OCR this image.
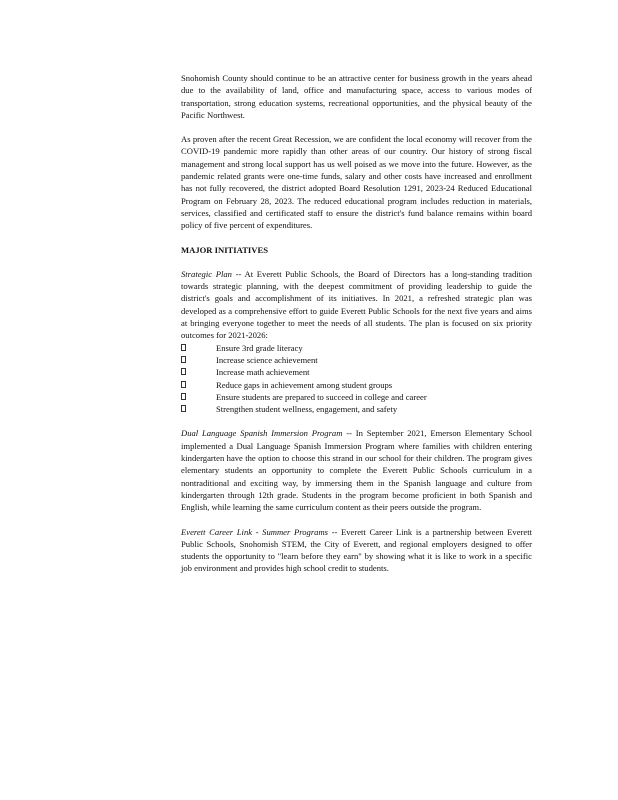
Snohomish County should continue to be an attractive center for business growth in the years ahead due to the availability of land, office and manufacturing space, access to various modes of transportation, strong education systems, recreational opportunities, and the physical beauty of the Pacific Northwest.

As proven after the recent Great Recession, we are confident the local economy will recover from the COVID-19 pandemic more rapidly than other areas of our country. Our history of strong fiscal management and strong local support has us well poised as we move into the future. However, as the pandemic related grants were one-time funds, salary and other costs have increased and enrollment has not fully recovered, the district adopted Board Resolution 1291, 2023-24 Reduced Educational Program on February 28, 2023. The reduced educational program includes reduction in materials, services, classified and certificated staff to ensure the district's fund balance remains within board policy of five percent of expenditures.

MAJOR INITIATIVES

Strategic Plan -- At Everett Public Schools, the Board of Directors has a long-standing tradition towards strategic planning, with the deepest commitment of providing leadership to guide the district's goals and accomplishment of its initiatives. In 2021, a refreshed strategic plan was developed as a comprehensive effort to guide Everett Public Schools for the next five years and aims at bringing everyone together to meet the needs of all students. The plan is focused on six priority outcomes for 2021-2026:

Ensure 3rd grade literacy
Increase science achievement
Increase math achievement
Reduce gaps in achievement among student groups
Ensure students are prepared to succeed in college and career
Strengthen student wellness, engagement, and safety

Dual Language Spanish Immersion Program -- In September 2021, Emerson Elementary School implemented a Dual Language Spanish Immersion Program where families with children entering kindergarten have the option to choose this strand in our school for their children. The program gives elementary students an opportunity to complete the Everett Public Schools curriculum in a nontraditional and exciting way, by immersing them in the Spanish language and culture from kindergarten through 12th grade. Students in the program become proficient in both Spanish and English, while learning the same curriculum content as their peers outside the program.

Everett Career Link - Summer Programs -- Everett Career Link is a partnership between Everett Public Schools, Snohomish STEM, the City of Everett, and regional employers designed to offer students the opportunity to "learn before they earn" by showing what it is like to work in a specific job environment and provides high school credit to students.
